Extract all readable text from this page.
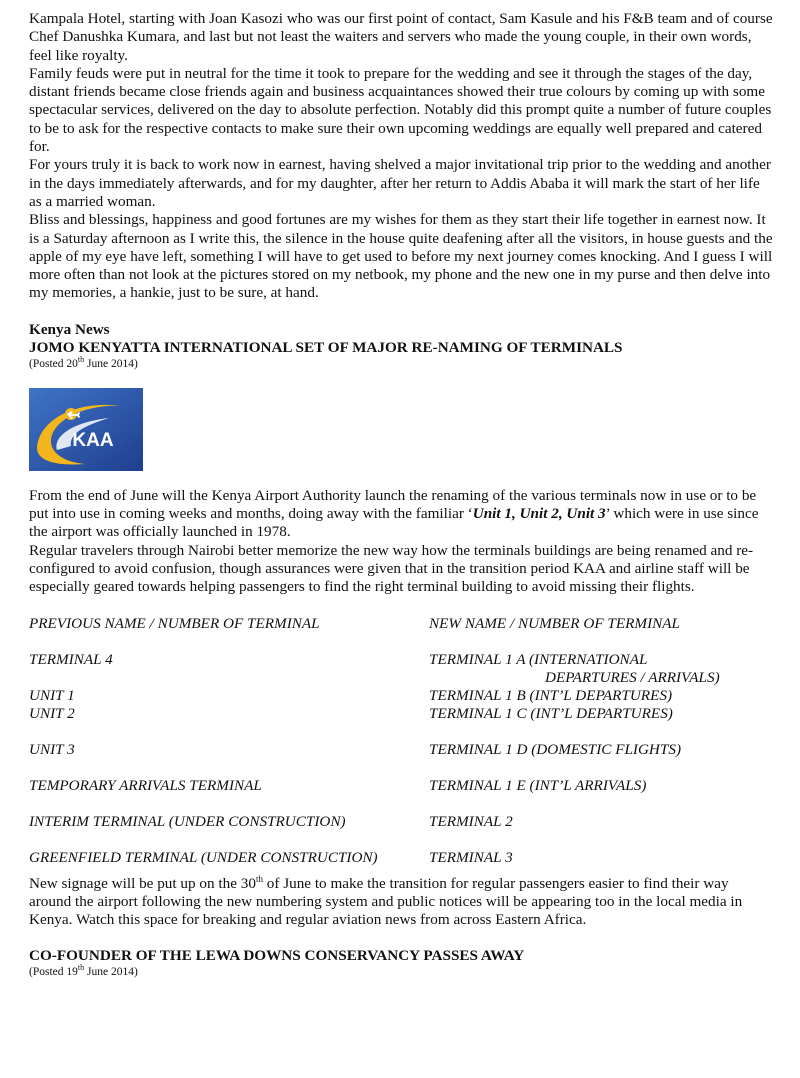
Kampala Hotel, starting with Joan Kasozi who was our first point of contact, Sam Kasule and his F&B team and of course Chef Danushka Kumara, and last but not least the waiters and servers who made the young couple, in their own words, feel like royalty.

Family feuds were put in neutral for the time it took to prepare for the wedding and see it through the stages of the day, distant friends became close friends again and business acquaintances showed their true colours by coming up with some spectacular services, delivered on the day to absolute perfection. Notably did this prompt quite a number of future couples to be to ask for the respective contacts to make sure their own upcoming weddings are equally well prepared and catered for.

For yours truly it is back to work now in earnest, having shelved a major invitational trip prior to the wedding and another in the days immediately afterwards, and for my daughter, after her return to Addis Ababa it will mark the start of her life as a married woman.

Bliss and blessings, happiness and good fortunes are my wishes for them as they start their life together in earnest now. It is a Saturday afternoon as I write this, the silence in the house quite deafening after all the visitors, in house guests and the apple of my eye have left, something I will have to get used to before my next journey comes knocking. And I guess I will more often than not look at the pictures stored on my netbook, my phone and the new one in my purse and then delve into my memories, a hankie, just to be sure, at hand.

Kenya News
JOMO KENYATTA INTERNATIONAL SET OF MAJOR RE-NAMING OF TERMINALS
(Posted 20th June 2014)
KAA

From the end of June will the Kenya Airport Authority launch the renaming of the various terminals now in use or to be put into use in coming weeks and months, doing away with the familiar ‘Unit 1, Unit 2, Unit 3’ which were in use since the airport was officially launched in 1978.

Regular travelers through Nairobi better memorize the new way how the terminals buildings are being renamed and re-configured to avoid confusion, though assurances were given that in the transition period KAA and airline staff will be especially geared towards helping passengers to find the right terminal building to avoid missing their flights.

PREVIOUS NAME / NUMBER OF TERMINAL	NEW NAME / NUMBER OF TERMINAL

TERMINAL 4	TERMINAL 1 A (INTERNATIONAL
DEPARTURES / ARRIVALS)

UNIT 1	TERMINAL 1 B (INT’L DEPARTURES)
UNIT 2	TERMINAL 1 C (INT’L DEPARTURES)

UNIT 3	TERMINAL 1 D (DOMESTIC FLIGHTS)

TEMPORARY ARRIVALS TERMINAL	TERMINAL 1 E (INT’L ARRIVALS)

INTERIM TERMINAL (UNDER CONSTRUCTION)	TERMINAL 2

GREENFIELD TERMINAL (UNDER CONSTRUCTION)	TERMINAL 3

New signage will be put up on the 30th of June to make the transition for regular passengers easier to find their way around the airport following the new numbering system and public notices will be appearing too in the local media in Kenya. Watch this space for breaking and regular aviation news from across Eastern Africa.

CO-FOUNDER OF THE LEWA DOWNS CONSERVANCY PASSES AWAY
(Posted 19th June 2014)
